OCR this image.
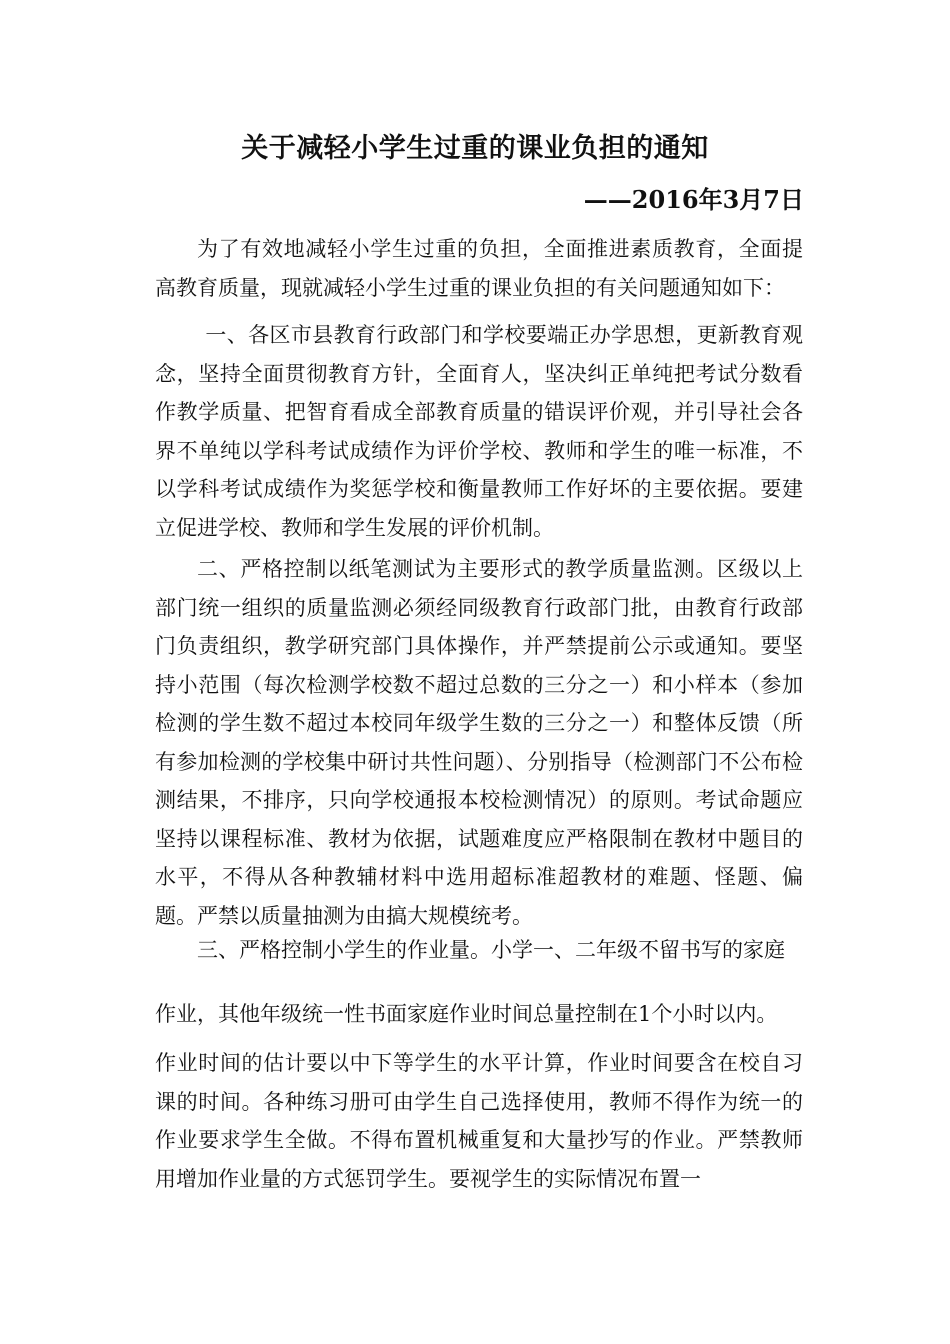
关于减轻小学生过重的课业负担的通知

——2016年3月7日

为了有效地减轻小学生过重的负担，全面推进素质教育，全面提高教育质量，现就减轻小学生过重的课业负担的有关问题通知如下：

一、各区市县教育行政部门和学校要端正办学思想，更新教育观念，坚持全面贯彻教育方针，全面育人，坚决纠正单纯把考试分数看作教学质量、把智育看成全部教育质量的错误评价观，并引导社会各界不单纯以学科考试成绩作为评价学校、教师和学生的唯一标准，不以学科考试成绩作为奖惩学校和衡量教师工作好坏的主要依据。要建立促进学校、教师和学生发展的评价机制。

二、严格控制以纸笔测试为主要形式的教学质量监测。区级以上部门统一组织的质量监测必须经同级教育行政部门批，由教育行政部门负责组织，教学研究部门具体操作，并严禁提前公示或通知。要坚持小范围（每次检测学校数不超过总数的三分之一）和小样本（参加检测的学生数不超过本校同年级学生数的三分之一）和整体反馈（所有参加检测的学校集中研讨共性问题）、分别指导（检测部门不公布检测结果，不排序，只向学校通报本校检测情况）的原则。考试命题应坚持以课程标准、教材为依据，试题难度应严格限制在教材中题目的水平，不得从各种教辅材料中选用超标准超教材的难题、怪题、偏题。严禁以质量抽测为由搞大规模统考。

三、严格控制小学生的作业量。小学一、二年级不留书写的家庭

作业，其他年级统一性书面家庭作业时间总量控制在1个小时以内。

作业时间的估计要以中下等学生的水平计算，作业时间要含在校自习课的时间。各种练习册可由学生自己选择使用，教师不得作为统一的作业要求学生全做。不得布置机械重复和大量抄写的作业。严禁教师用增加作业量的方式惩罚学生。要视学生的实际情况布置一
